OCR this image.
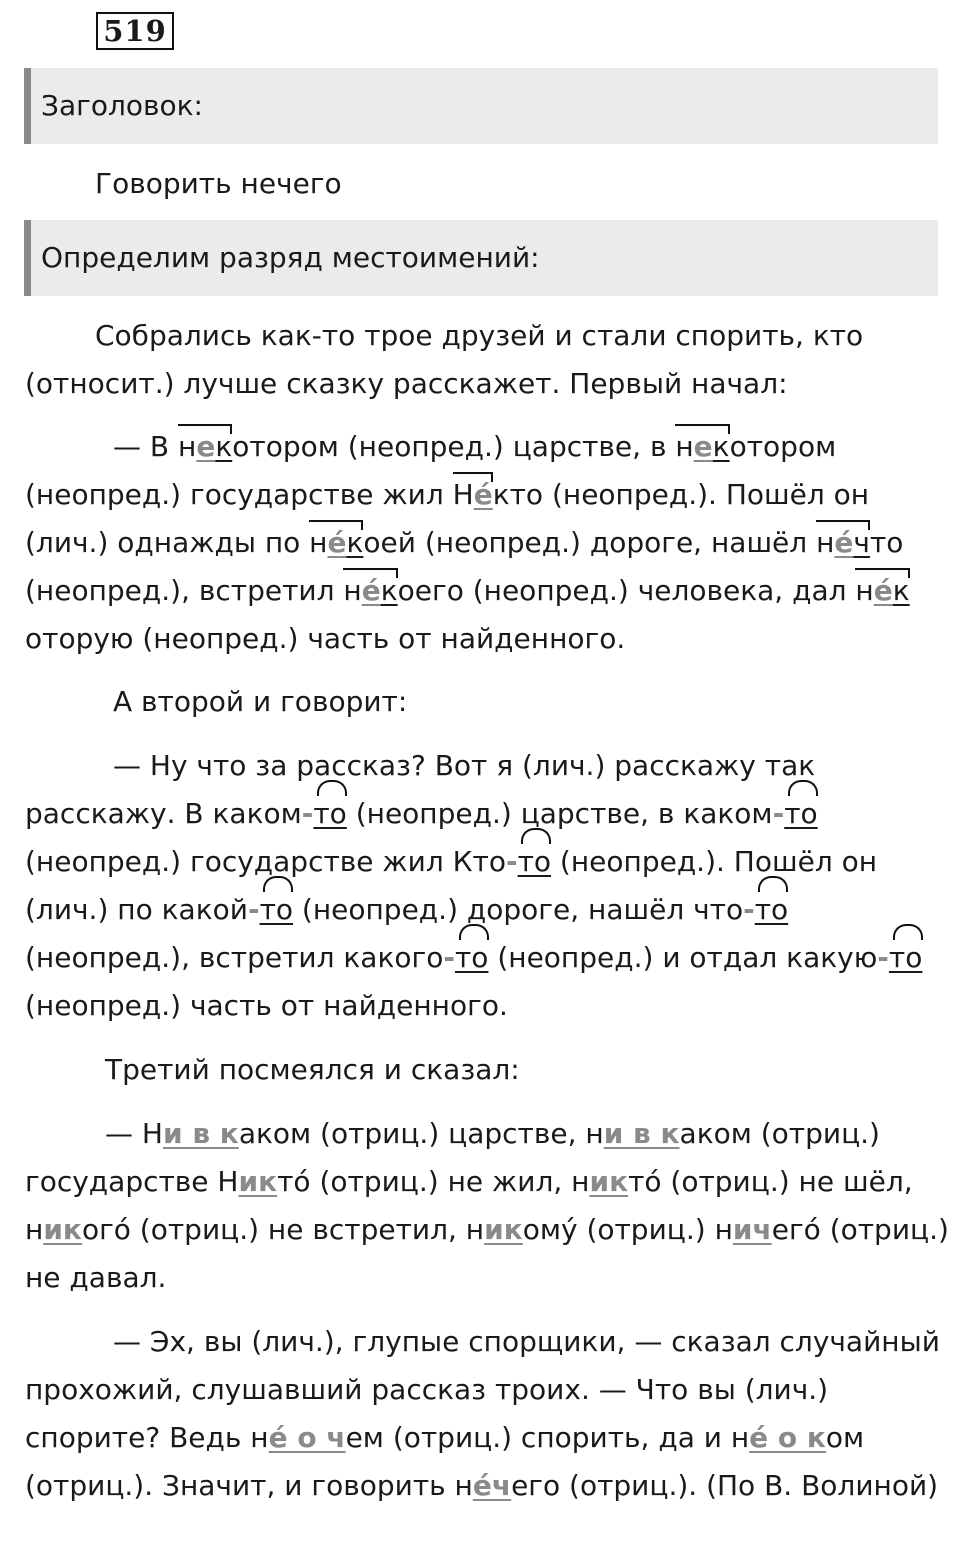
519
Заголовок:

Говорить нечего

Определим разряд местоимений:

Собрались как-то трое друзей и стали спорить, кто (относит.) лучше сказку расскажет. Первый начал:

— В некотором (неопред.) царстве, в некотором (неопред.) государстве жил Не́кто (неопред.). Пошёл он (лич.) однажды по не́коей (неопред.) дороге, нашёл не́что (неопред.), встретил не́коего (неопред.) человека, дал не́которую (неопред.) часть от найденного.

А второй и говорит:

— Ну что за рассказ? Вот я (лич.) расскажу так расскажу. В каком-то (неопред.) царстве, в каком-то (неопред.) государстве жил Кто-то (неопред.). Пошёл он (лич.) по какой-то (неопред.) дороге, нашёл что-то (неопред.), встретил какого-то (неопред.) и отдал какую-то (неопред.) часть от найденного.

Третий посмеялся и сказал:

— Ни в каком (отриц.) царстве, ни в каком (отриц.) государстве Никто́ (отриц.) не жил, никто́ (отриц.) не шёл, никого́ (отриц.) не встретил, никому́ (отриц.) ничего́ (отриц.) не давал.

— Эх, вы (лич.), глупые спорщики, — сказал случайный прохожий, слушавший рассказ троих. — Что вы (лич.) спорите? Ведь не́ о чем (отриц.) спорить, да и не́ о ком (отриц.). Значит, и говорить не́чего (отриц.). (По В. Волиной)
